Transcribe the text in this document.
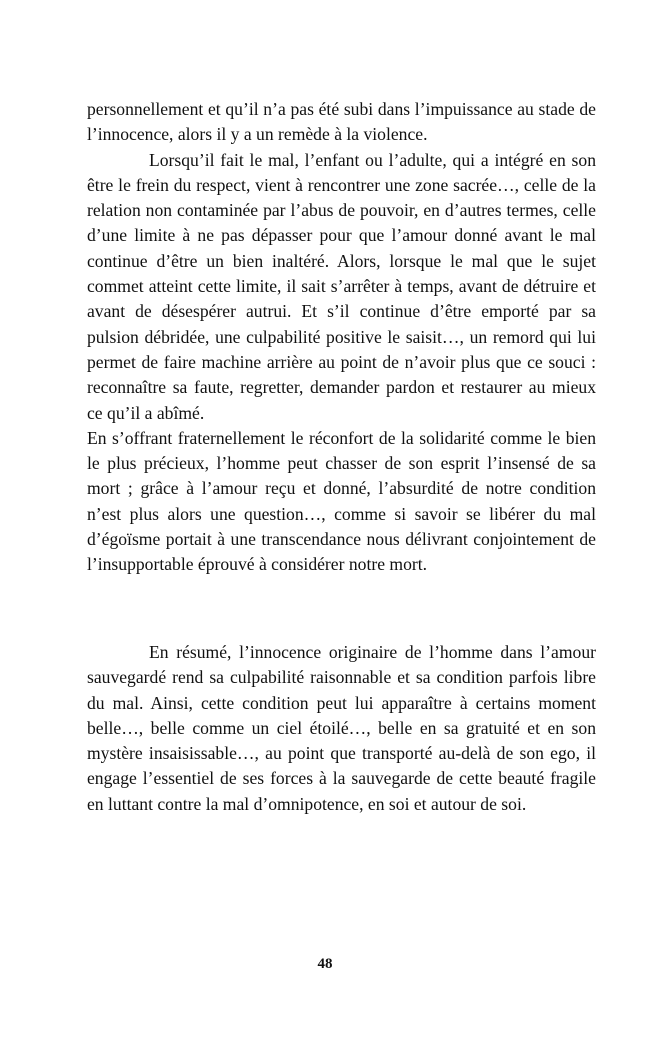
personnellement et qu’il n’a pas été subi dans l’impuissance au stade de l’innocence, alors il y a un remède à la violence.

Lorsqu’il fait le mal, l’enfant ou l’adulte, qui a intégré en son être le frein du respect, vient à rencontrer une zone sacrée…, celle de la relation non contaminée par l’abus de pouvoir, en d’autres termes, celle d’une limite à ne pas dépasser pour que l’amour donné avant le mal continue d’être un bien inaltéré. Alors, lorsque le mal que le sujet commet atteint cette limite, il sait s’arrêter à temps, avant de détruire et avant de désespérer autrui. Et s’il continue d’être emporté par sa pulsion débridée, une culpabilité positive le saisit…, un remord qui lui permet de faire machine arrière au point de n’avoir plus que ce souci : reconnaître sa faute, regretter, demander pardon et restaurer au mieux ce qu’il a abîmé.

En s’offrant fraternellement le réconfort de la solidarité comme le bien le plus précieux, l’homme peut chasser de son esprit l’insensé de sa mort ; grâce à l’amour reçu et donné, l’absurdité de notre condition n’est plus alors une question…, comme si savoir se libérer du mal d’égoïsme portait à une transcendance nous délivrant conjointement de l’insupportable éprouvé à considérer notre mort.

En résumé, l’innocence originaire de l’homme dans l’amour sauvegardé rend sa culpabilité raisonnable et sa condition parfois libre du mal. Ainsi, cette condition peut lui apparaître à certains moment belle…, belle comme un ciel étoilé…, belle en sa gratuité et en son mystère insaisissable…, au point que transporté au-delà de son ego, il engage l’essentiel de ses forces à la sauvegarde de cette beauté fragile en luttant contre la mal d’omnipotence, en soi et autour de soi.

48
